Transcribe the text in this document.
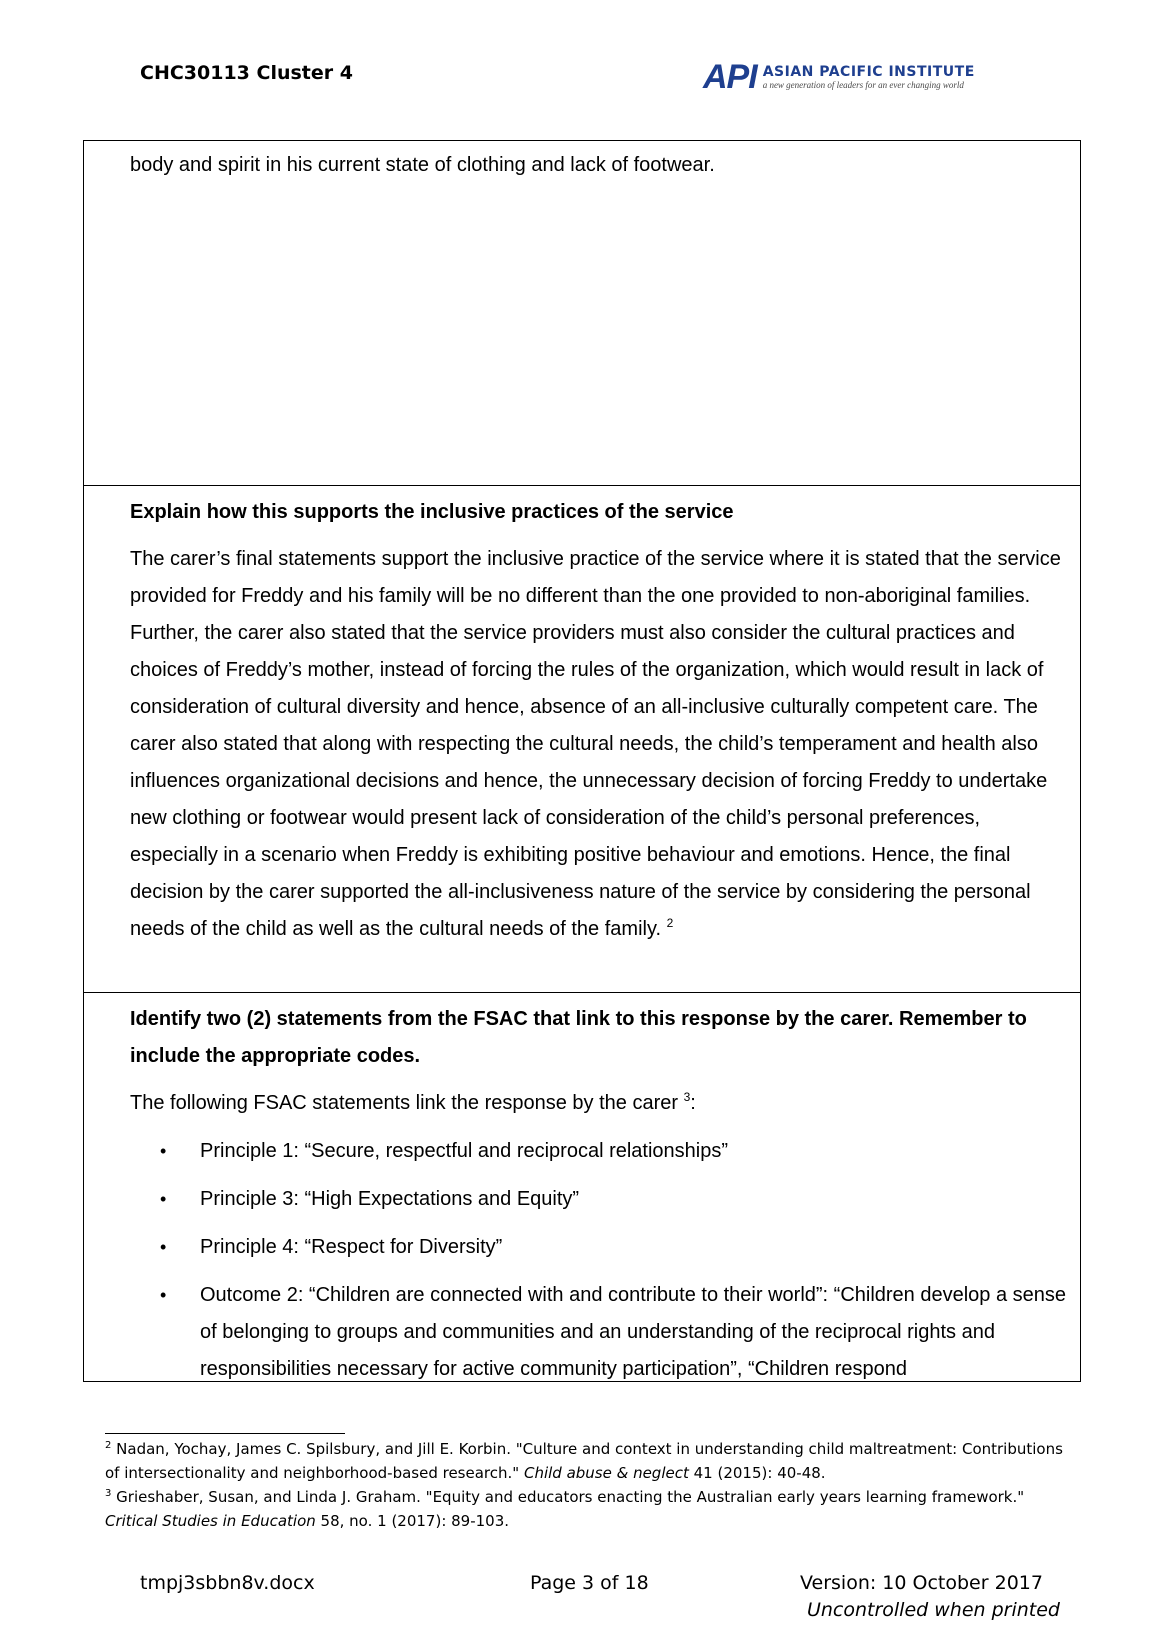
CHC30113 Cluster 4	API ASIAN PACIFIC INSTITUTE
a new generation of leaders for an ever changing world
body and spirit in his current state of clothing and lack of footwear.
Explain how this supports the inclusive practices of the service
The carer’s final statements support the inclusive practice of the service where it is stated that the service provided for Freddy and his family will be no different than the one provided to non-aboriginal families. Further, the carer also stated that the service providers must also consider the cultural practices and choices of Freddy’s mother, instead of forcing the rules of the organization, which would result in lack of consideration of cultural diversity and hence, absence of an all-inclusive culturally competent care. The carer also stated that along with respecting the cultural needs, the child’s temperament and health also influences organizational decisions and hence, the unnecessary decision of forcing Freddy to undertake new clothing or footwear would present lack of consideration of the child’s personal preferences, especially in a scenario when Freddy is exhibiting positive behaviour and emotions. Hence, the final decision by the carer supported the all-inclusiveness nature of the service by considering the personal needs of the child as well as the cultural needs of the family. $^2$
Identify two (2) statements from the FSAC that link to this response by the carer. Remember to include the appropriate codes.
The following FSAC statements link the response by the carer $^3$:
• Principle 1: “Secure, respectful and reciprocal relationships”
• Principle 3: “High Expectations and Equity”
• Principle 4: “Respect for Diversity”
• Outcome 2: “Children are connected with and contribute to their world”: “Children develop a sense of belonging to groups and communities and an understanding of the reciprocal rights and responsibilities necessary for active community participation”, “Children respond
$^2$ Nadan, Yochay, James C. Spilsbury, and Jill E. Korbin. "Culture and context in understanding child maltreatment: Contributions of intersectionality and neighborhood-based research." Child abuse & neglect 41 (2015): 40-48.
$^3$ Grieshaber, Susan, and Linda J. Graham. "Equity and educators enacting the Australian early years learning framework." Critical Studies in Education 58, no. 1 (2017): 89-103.
tmpj3sbbn8v.docx	Page 3 of 18	Version: 10 October 2017
Uncontrolled when printed
